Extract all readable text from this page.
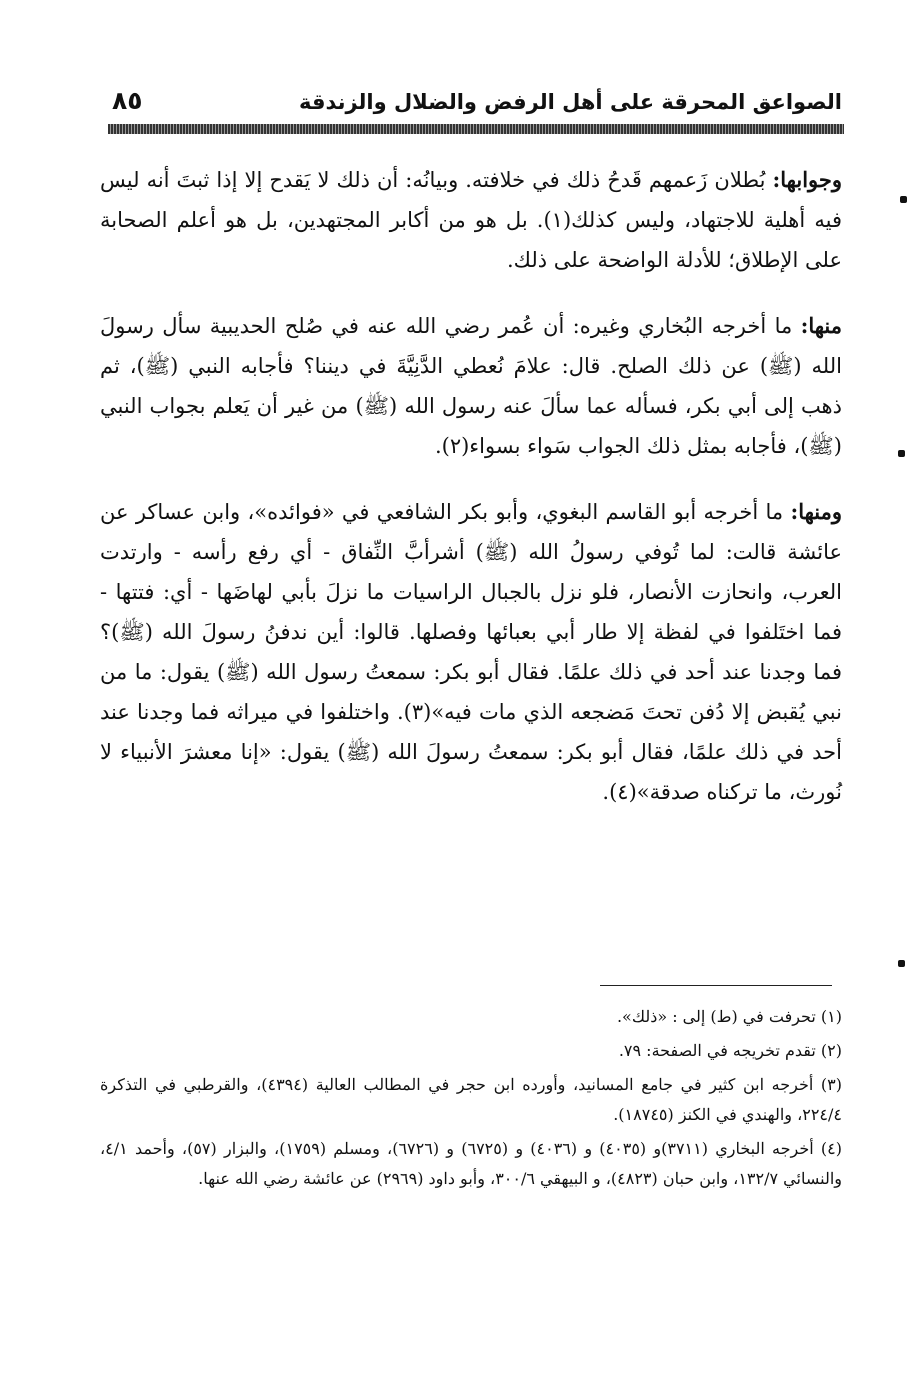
الصواعق المحرقة على أهل الرفض والضلال والزندقة
٨٥

وجوابها: بُطلان زَعمهم قَدحُ ذلك في خلافته. وبيانُه: أن ذلك لا يَقدح إلا إذا ثبتَ أنه ليس فيه أهلية للاجتهاد، وليس كذلك(١). بل هو من أكابر المجتهدين، بل هو أعلم الصحابة على الإطلاق؛ للأدلة الواضحة على ذلك.

منها: ما أخرجه البُخاري وغيره: أن عُمر رضي الله عنه في صُلح الحديبية سأل رسولَ الله (ﷺ) عن ذلك الصلح. قال: علامَ نُعطي الدَّنِيَّةَ في ديننا؟ فأجابه النبي (ﷺ)، ثم ذهب إلى أبي بكر، فسأله عما سألَ عنه رسول الله (ﷺ) من غير أن يَعلم بجواب النبي (ﷺ)، فأجابه بمثل ذلك الجواب سَواء بسواء(٢).

ومنها: ما أخرجه أبو القاسم البغوي، وأبو بكر الشافعي في «فوائده»، وابن عساكر عن عائشة قالت: لما تُوفي رسولُ الله (ﷺ) أشرأبَّ النِّفاق - أي رفع رأسه - وارتدت العرب، وانحازت الأنصار، فلو نزل بالجبال الراسيات ما نزلَ بأبي لهاضَها - أي: فتتها - فما اختَلفوا في لفظة إلا طار أبي بعبائها وفصلها. قالوا: أين ندفنُ رسولَ الله (ﷺ)؟ فما وجدنا عند أحد في ذلك علمًا. فقال أبو بكر: سمعتُ رسول الله (ﷺ) يقول: ما من نبي يُقبض إلا دُفن تحتَ مَضجعه الذي مات فيه»(٣). واختلفوا في ميراثه فما وجدنا عند أحد في ذلك علمًا، فقال أبو بكر: سمعتُ رسولَ الله (ﷺ) يقول: «إنا معشرَ الأنبياء لا نُورث، ما تركناه صدقة»(٤).

(١) تحرفت في (ط) إلى : «ذلك».

(٢) تقدم تخريجه في الصفحة: ٧٩.

(٣) أخرجه ابن كثير في جامع المسانيد، وأورده ابن حجر في المطالب العالية (٤٣٩٤)، والقرطبي في التذكرة ٢٢٤/٤، والهندي في الكنز (١٨٧٤٥).

(٤) أخرجه البخاري (٣٧١١)و (٤٠٣٥) و (٤٠٣٦) و (٦٧٢٥) و (٦٧٢٦)، ومسلم (١٧٥٩)، والبزار (٥٧)، وأحمد ٤/١، والنسائي ١٣٢/٧، وابن حبان (٤٨٢٣)، و البيهقي ٣٠٠/٦، وأبو داود (٢٩٦٩) عن عائشة رضي الله عنها.
